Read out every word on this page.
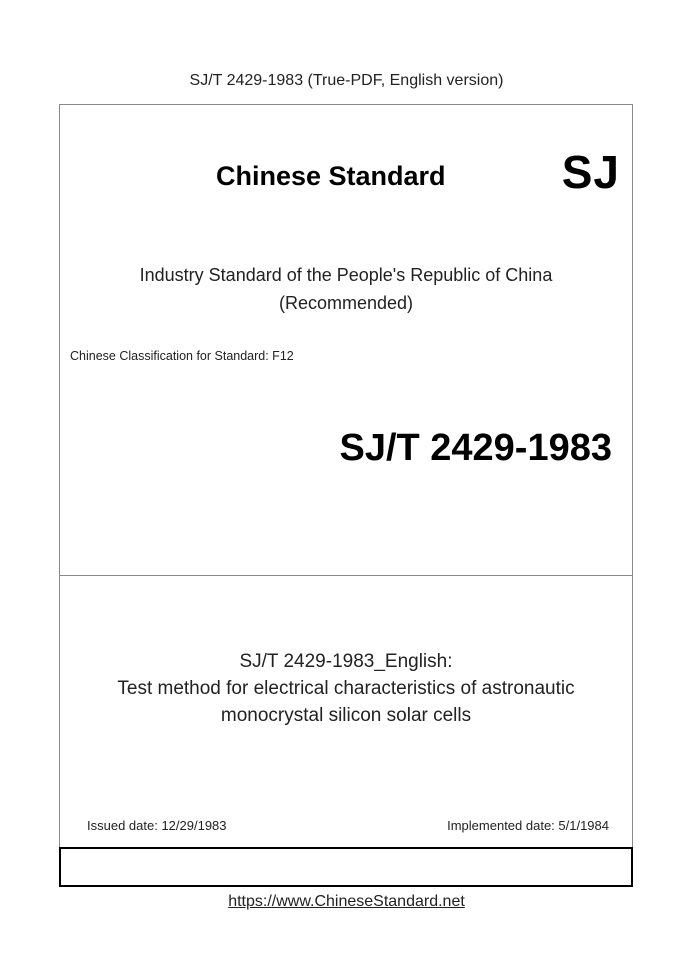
SJ/T 2429-1983 (True-PDF, English version)
Chinese Standard	SJ
Industry Standard of the People's Republic of China
(Recommended)
Chinese Classification for Standard: F12
SJ/T 2429-1983
SJ/T 2429-1983_English:
Test method for electrical characteristics of astronautic
monocrystal silicon solar cells
Issued date: 12/29/1983	Implemented date: 5/1/1984
https://www.ChineseStandard.net
